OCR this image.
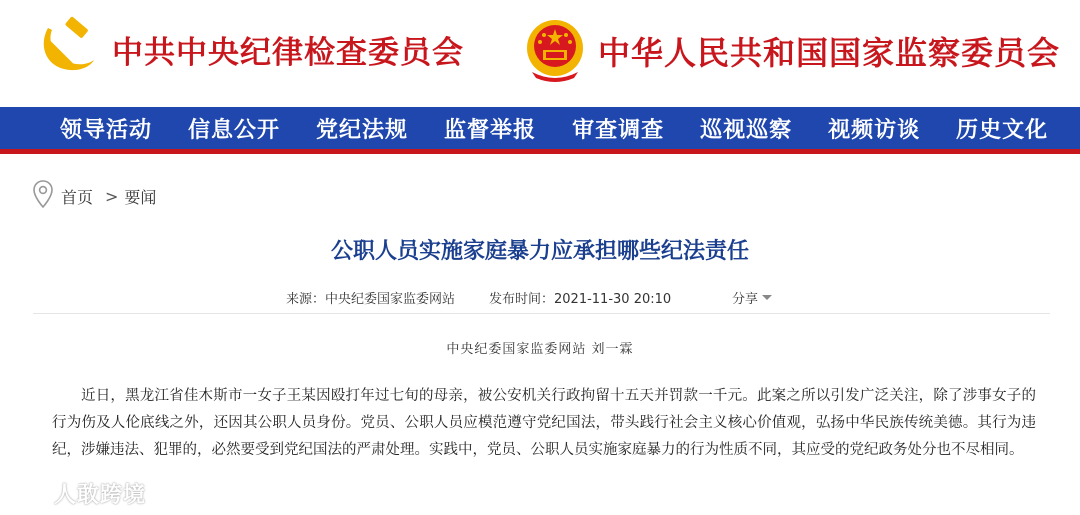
中共中央纪律检查委员会	中华人民共和国国家监察委员会
领导活动 信息公开 党纪法规 监督举报 审查调查 巡视巡察 视频访谈 历史文化
首页 > 要闻
公职人员实施家庭暴力应承担哪些纪法责任
来源：中央纪委国家监委网站	发布时间：2021-11-30 20:10	分享
中央纪委国家监委网站 刘一霖

近日，黑龙江省佳木斯市一女子王某因殴打年过七旬的母亲，被公安机关行政拘留十五天并罚款一千元。此案之所以引发广泛关注，除了涉事女子的行为伤及人伦底线之外，还因其公职人员身份。党员、公职人员应模范遵守党纪国法，带头践行社会主义核心价值观，弘扬中华民族传统美德。其行为违纪，涉嫌违法、犯罪的，必然要受到党纪国法的严肃处理。实践中，党员、公职人员实施家庭暴力的行为性质不同，其应受的党纪政务处分也不尽相同。

人敢跨境
